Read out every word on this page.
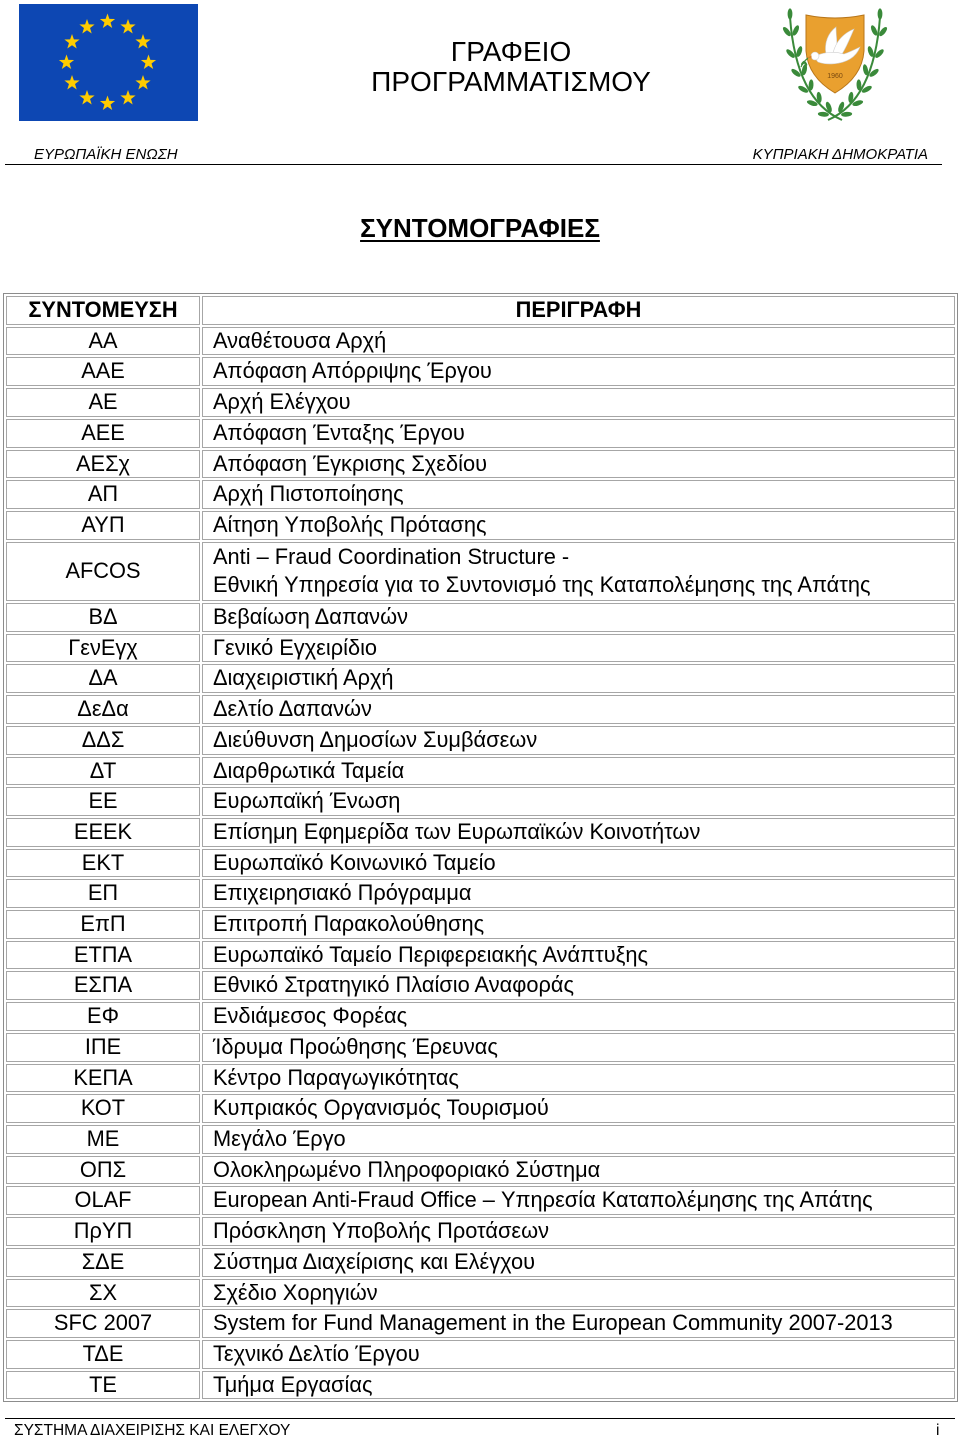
ΓΡΑΦΕΙΟ
ΠΡΟΓΡΑΜΜΑΤΙΣΜΟΥ	1960
ΕΥΡΩΠΑΪΚΗ ΕΝΩΣΗ	ΚΥΠΡΙΑΚΗ ΔΗΜΟΚΡΑΤΙΑ
ΣΥΝΤΟΜΟΓΡΑΦΙΕΣ
ΣΥΝΤΟΜΕΥΣΗ	ΠΕΡΙΓΡΑΦΗ
ΑΑ	Αναθέτουσα Αρχή

ΑΑΕ	Απόφαση Απόρριψης Έργου

ΑΕ	Αρχή Ελέγχου

ΑΕΕ	Απόφαση Ένταξης Έργου

ΑΕΣχ	Απόφαση Έγκρισης Σχεδίου

ΑΠ	Αρχή Πιστοποίησης

ΑΥΠ	Αίτηση Υποβολής Πρότασης

AFCOS	Anti – Fraud Coordination Structure -
Εθνική Υπηρεσία για το Συντονισμό της Καταπολέμησης της Απάτης

ΒΔ	Βεβαίωση Δαπανών

ΓενΕγχ	Γενικό Εγχειρίδιο

ΔΑ	Διαχειριστική Αρχή

ΔεΔα	Δελτίο Δαπανών

ΔΔΣ	Διεύθυνση Δημοσίων Συμβάσεων

ΔΤ	Διαρθρωτικά Ταμεία

ΕΕ	Ευρωπαϊκή Ένωση

ΕΕΕΚ	Επίσημη Εφημερίδα των Ευρωπαϊκών Κοινοτήτων

ΕΚΤ	Ευρωπαϊκό Κοινωνικό Ταμείο

ΕΠ	Επιχειρησιακό Πρόγραμμα

ΕπΠ	Επιτροπή Παρακολούθησης

ΕΤΠΑ	Ευρωπαϊκό Ταμείο Περιφερειακής Ανάπτυξης

ΕΣΠΑ	Εθνικό Στρατηγικό Πλαίσιο Αναφοράς

ΕΦ	Ενδιάμεσος Φορέας

ΙΠΕ	Ίδρυμα Προώθησης Έρευνας

ΚΕΠΑ	Κέντρο Παραγωγικότητας

ΚΟΤ	Κυπριακός Οργανισμός Τουρισμού

ΜΕ	Μεγάλο Έργο

ΟΠΣ	Ολοκληρωμένο Πληροφοριακό Σύστημα

OLAF	European Anti-Fraud Office – Υπηρεσία Καταπολέμησης της Απάτης

ΠρΥΠ	Πρόσκληση Υποβολής Προτάσεων

ΣΔΕ	Σύστημα Διαχείρισης και Ελέγχου

ΣΧ	Σχέδιο Χορηγιών

SFC 2007	System for Fund Management in the European Community 2007-2013

ΤΔΕ	Τεχνικό Δελτίο Έργου

ΤΕ	Τμήμα Εργασίας
ΣΥΣΤΗΜΑ ΔΙΑΧΕΙΡΙΣΗΣ ΚΑΙ ΕΛΕΓΧΟΥ	i
